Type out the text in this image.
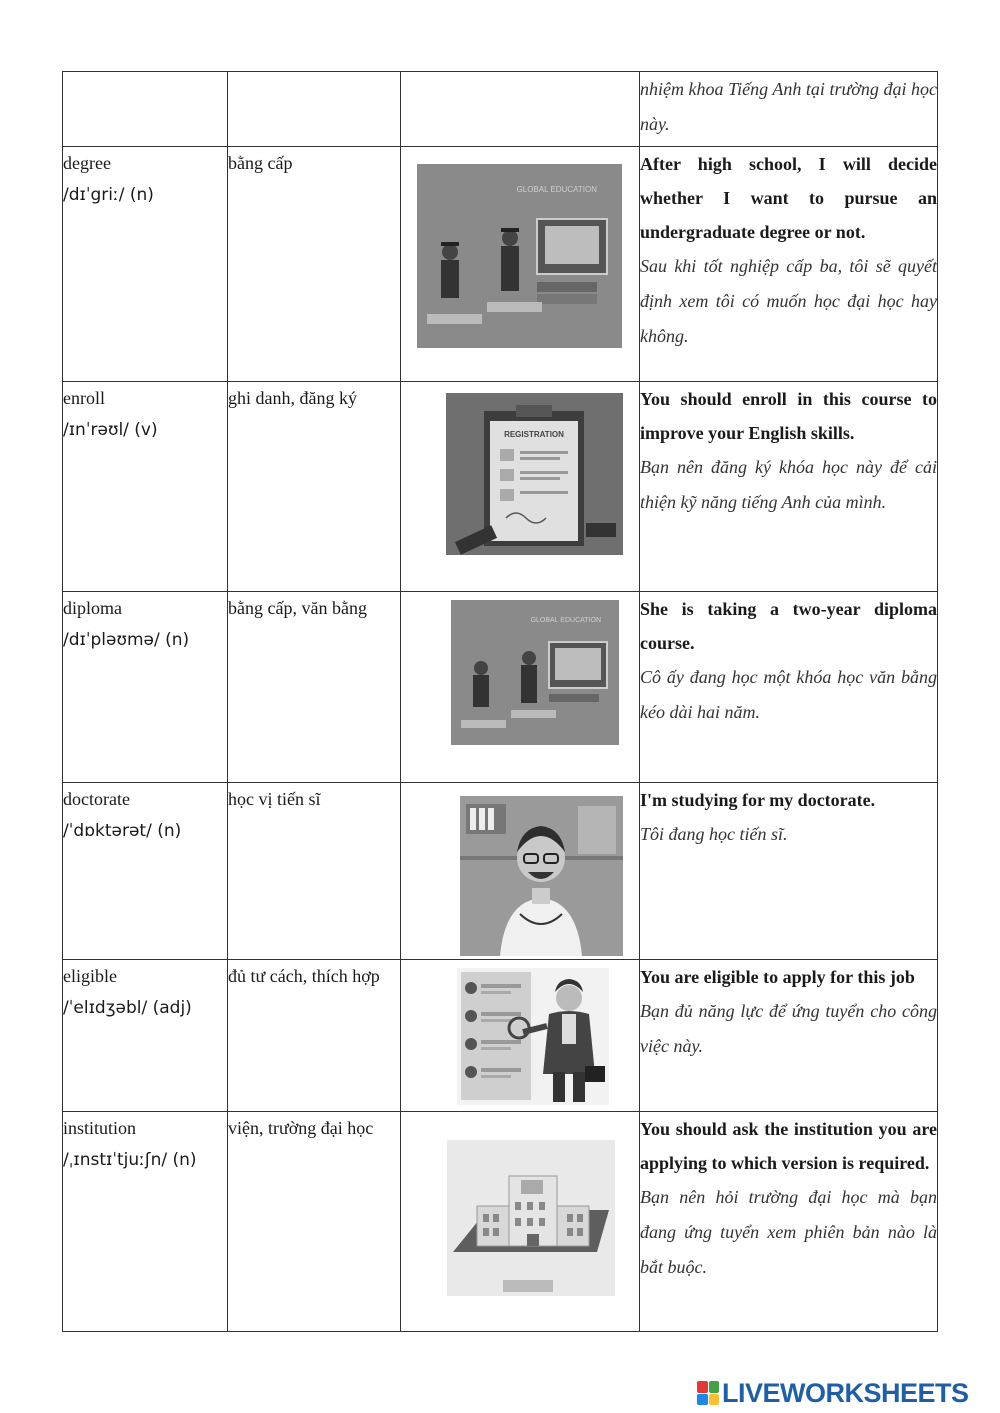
			nhiệm khoa Tiếng Anh tại trường đại học này.

degree
/dɪˈgriː/ (n)	bằng cấp	GLOBAL EDUCATION	After high school, I will decide whether I want to pursue an undergraduate degree or not.
Sau khi tốt nghiệp cấp ba, tôi sẽ quyết định xem tôi có muốn học đại học hay không.

enroll
/ɪnˈrəʊl/ (v)	ghi danh, đăng ký	REGISTRATION	You should enroll in this course to improve your English skills.
Bạn nên đăng ký khóa học này để cải thiện kỹ năng tiếng Anh của mình.

diploma
/dɪˈpləʊmə/ (n)	bằng cấp, văn bằng	GLOBAL EDUCATION	She is taking a two-year diploma course.
Cô ấy đang học một khóa học văn bằng kéo dài hai năm.

doctorate
/ˈdɒktərət/ (n)	học vị tiến sĩ		I'm studying for my doctorate.
Tôi đang học tiến sĩ.

eligible
/ˈelɪdʒəbl/ (adj)	đủ tư cách, thích hợp		You are eligible to apply for this job
Bạn đủ năng lực để ứng tuyển cho công việc này.

institution
/ˌɪnstɪˈtjuːʃn/ (n)	viện, trường đại học		You should ask the institution you are applying to which version is required.
Bạn nên hỏi trường đại học mà bạn đang ứng tuyển xem phiên bản nào là bắt buộc.
LIVEWORKSHEETS
